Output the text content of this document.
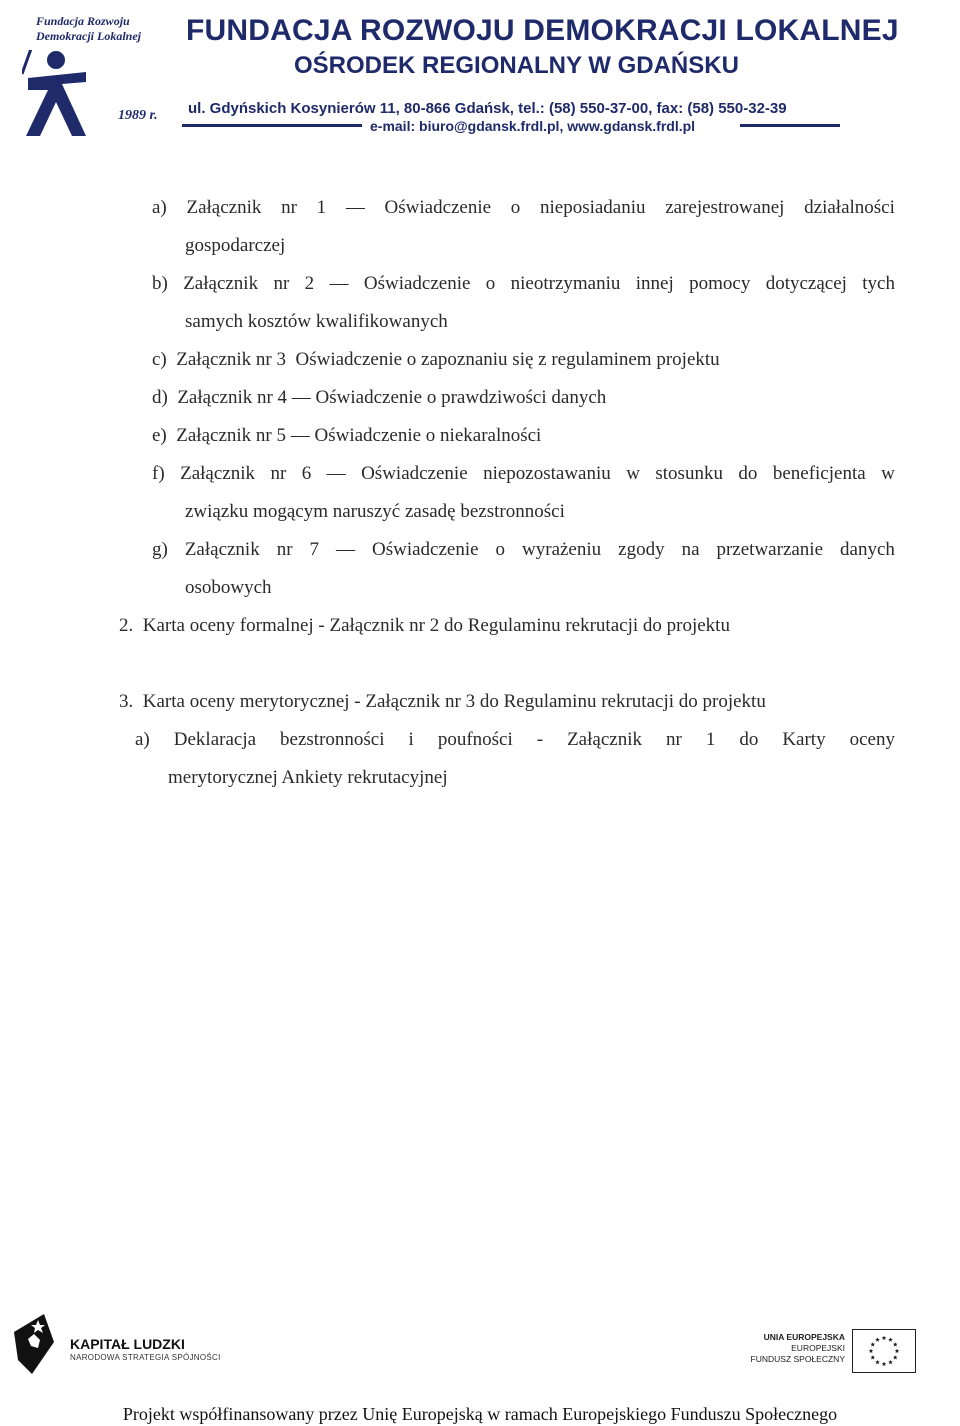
Fundacja Rozwoju
Demokracji Lokalnej
1989 r.
FUNDACJA ROZWOJU DEMOKRACJI LOKALNEJ
OŚRODEK REGIONALNY W GDAŃSKU
ul. Gdyńskich Kosynierów 11, 80-866 Gdańsk, tel.: (58) 550-37-00, fax: (58) 550-32-39
e-mail: biuro@gdansk.frdl.pl, www.gdansk.frdl.pl
a) Załącznik nr 1 — Oświadczenie o nieposiadaniu zarejestrowanej działalności
gospodarczej
b) Załącznik nr 2 — Oświadczenie o nieotrzymaniu innej pomocy dotyczącej tych
samych kosztów kwalifikowanych
c)  Załącznik nr 3  Oświadczenie o zapoznaniu się z regulaminem projektu
d)  Załącznik nr 4 — Oświadczenie o prawdziwości danych
e)  Załącznik nr 5 — Oświadczenie o niekaralności
f) Załącznik nr 6 — Oświadczenie niepozostawaniu w stosunku do beneficjenta w
związku mogącym naruszyć zasadę bezstronności
g) Załącznik nr 7 — Oświadczenie o wyrażeniu zgody na przetwarzanie danych
osobowych
2.  Karta oceny formalnej - Załącznik nr 2 do Regulaminu rekrutacji do projektu
3.  Karta oceny merytorycznej - Załącznik nr 3 do Regulaminu rekrutacji do projektu
a) Deklaracja bezstronności i poufności - Załącznik nr 1 do Karty oceny
merytorycznej Ankiety rekrutacyjnej
KAPITAŁ LUDZKI
NARODOWA STRATEGIA SPÓJNOŚCI
UNIA EUROPEJSKA
EUROPEJSKI
FUNDUSZ SPOŁECZNY
Projekt współfinansowany przez Unię Europejską w ramach Europejskiego Funduszu Społecznego
